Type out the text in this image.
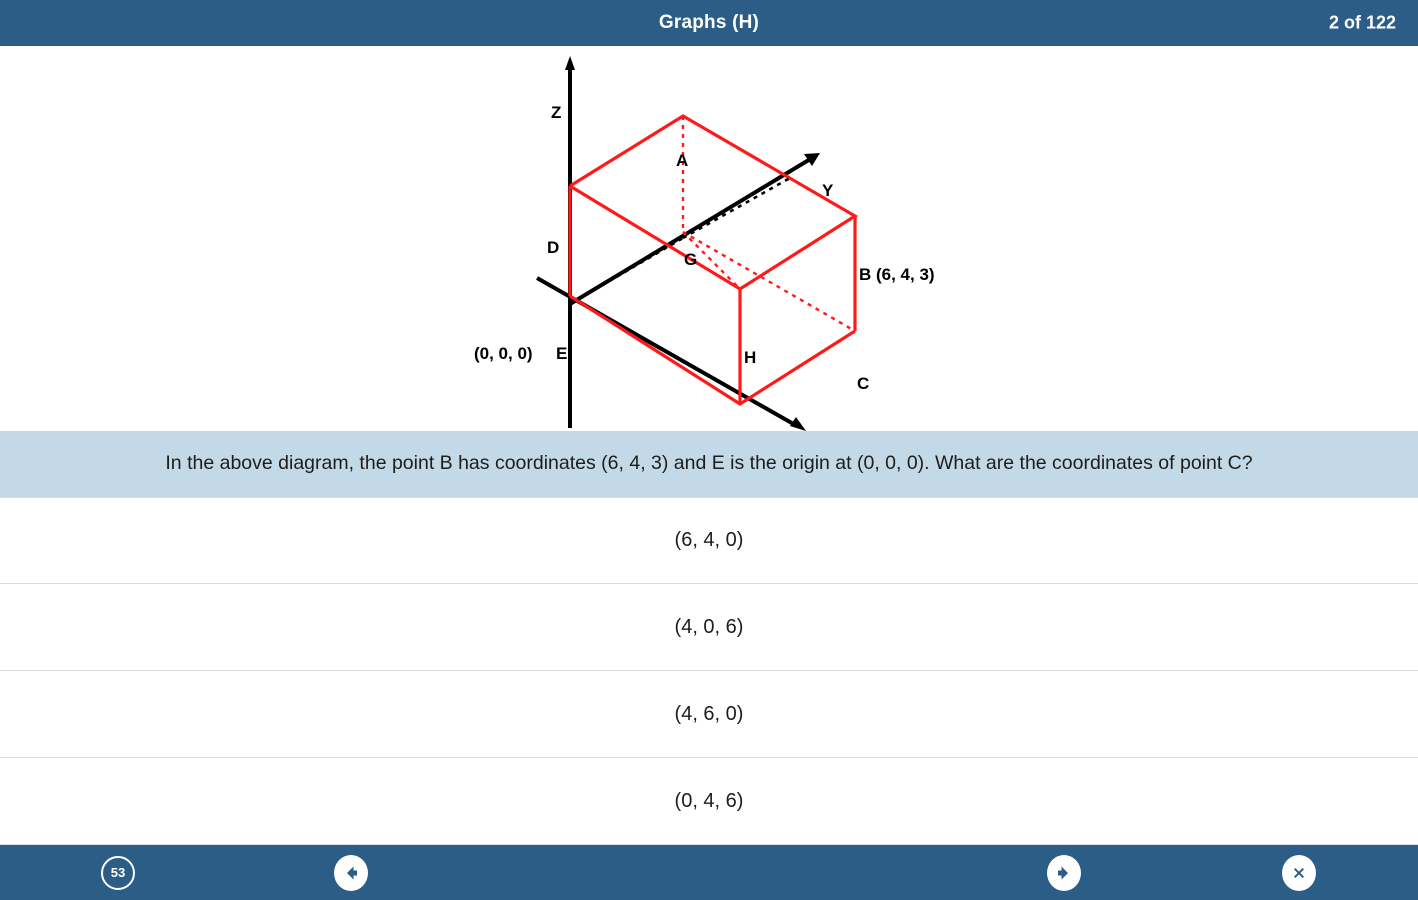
Graphs (H)	2 of 122
Z
Y
A
B (6, 4, 3)
C
D
E
(0, 0, 0)
G
H
In the above diagram, the point B has coordinates (6, 4, 3) and E is the origin at (0, 0, 0). What are the coordinates of point C?
(6, 4, 0)
(4, 0, 6)
(4, 6, 0)
(0, 4, 6)
53
